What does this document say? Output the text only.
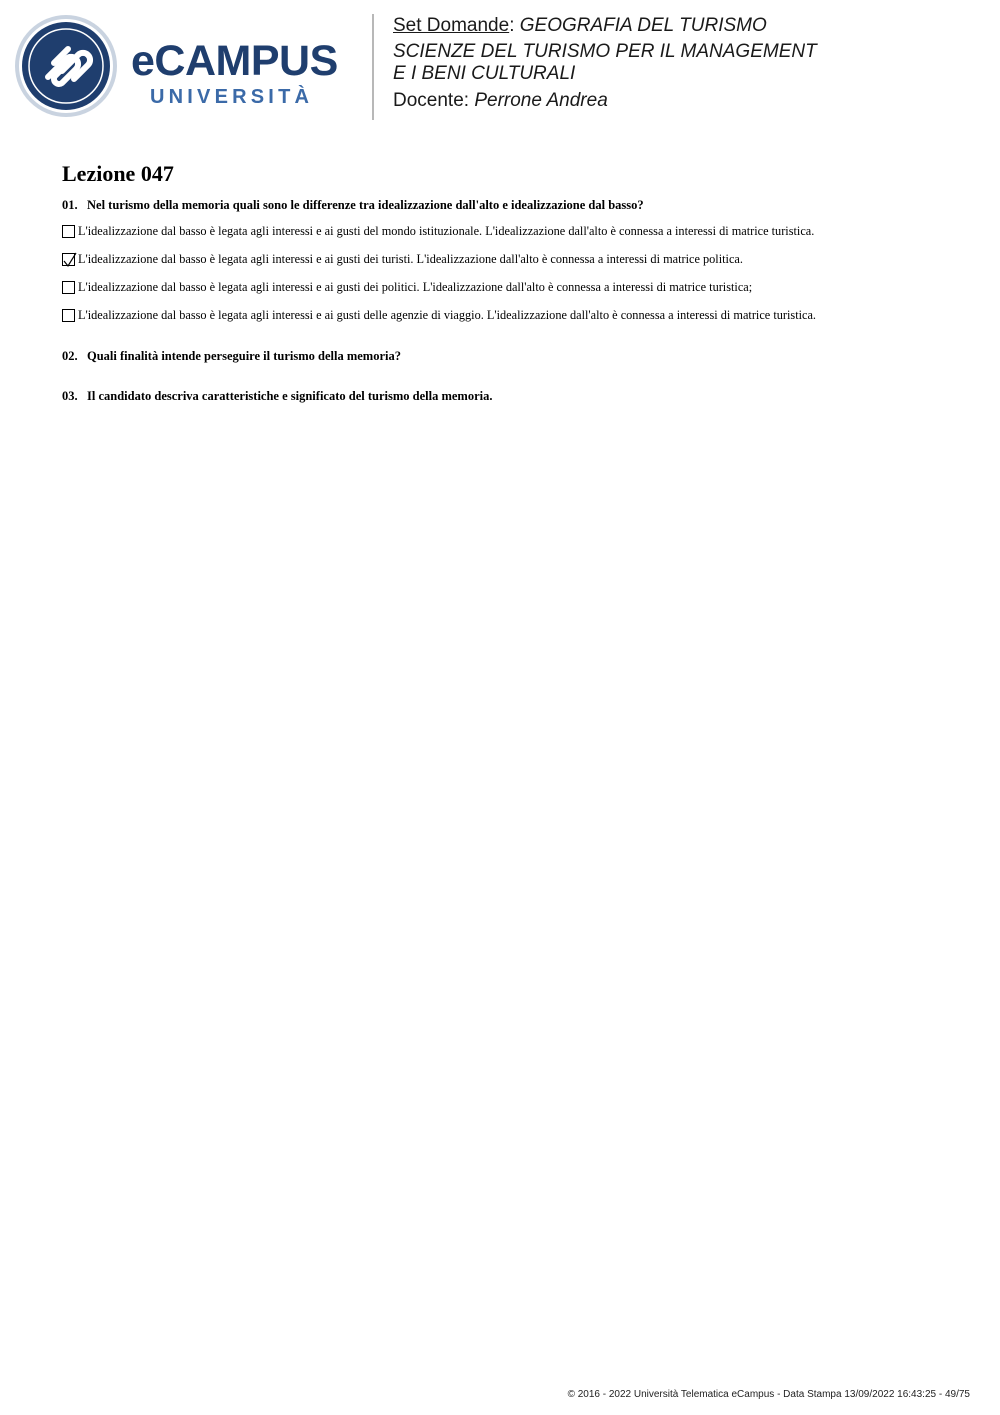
eCAMPUS
UNIVERSITÀ
Set Domande: GEOGRAFIA DEL TURISMO
SCIENZE DEL TURISMO PER IL MANAGEMENT
E I BENI CULTURALI
Docente: Perrone Andrea
Lezione 047
01. Nel turismo della memoria quali sono le differenze tra idealizzazione dall'alto e idealizzazione dal basso?
L'idealizzazione dal basso è legata agli interessi e ai gusti del mondo istituzionale. L'idealizzazione dall'alto è connessa a interessi di matrice turistica.
L'idealizzazione dal basso è legata agli interessi e ai gusti dei turisti. L'idealizzazione dall'alto è connessa a interessi di matrice politica.
L'idealizzazione dal basso è legata agli interessi e ai gusti dei politici. L'idealizzazione dall'alto è connessa a interessi di matrice turistica;
L'idealizzazione dal basso è legata agli interessi e ai gusti delle agenzie di viaggio. L'idealizzazione dall'alto è connessa a interessi di matrice turistica.
02. Quali finalità intende perseguire il turismo della memoria?
03. Il candidato descriva caratteristiche e significato del turismo della memoria.
© 2016 - 2022 Università Telematica eCampus - Data Stampa 13/09/2022 16:43:25 - 49/75
